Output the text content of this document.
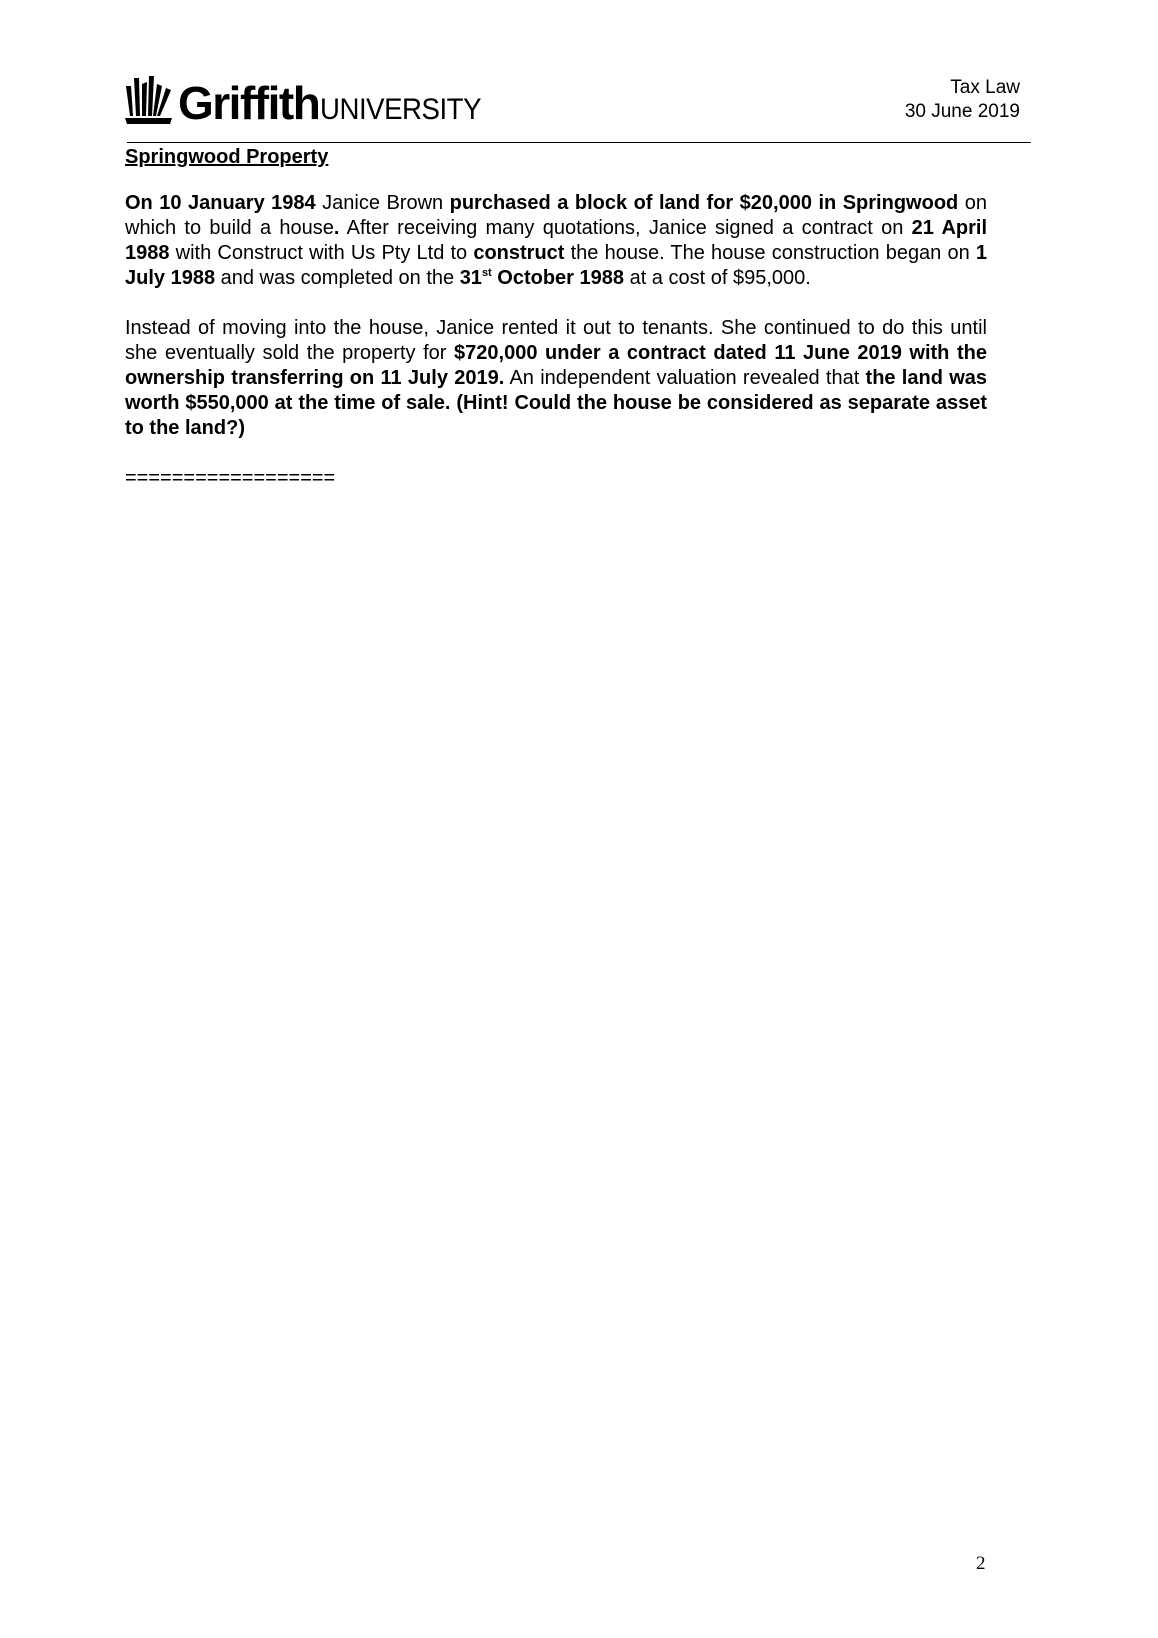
Griffith UNIVERSITY
Tax Law
30 June 2019
Springwood Property

On 10 January 1984 Janice Brown purchased a block of land for $20,000 in Springwood on which to build a house. After receiving many quotations, Janice signed a contract on 21 April 1988 with Construct with Us Pty Ltd to construct the house. The house construction began on 1 July 1988 and was completed on the 31st October 1988 at a cost of $95,000.

Instead of moving into the house, Janice rented it out to tenants. She continued to do this until she eventually sold the property for $720,000 under a contract dated 11 June 2019 with the ownership transferring on 11 July 2019. An independent valuation revealed that the land was worth $550,000 at the time of sale. (Hint! Could the house be considered as separate asset to the land?)

==================
2
